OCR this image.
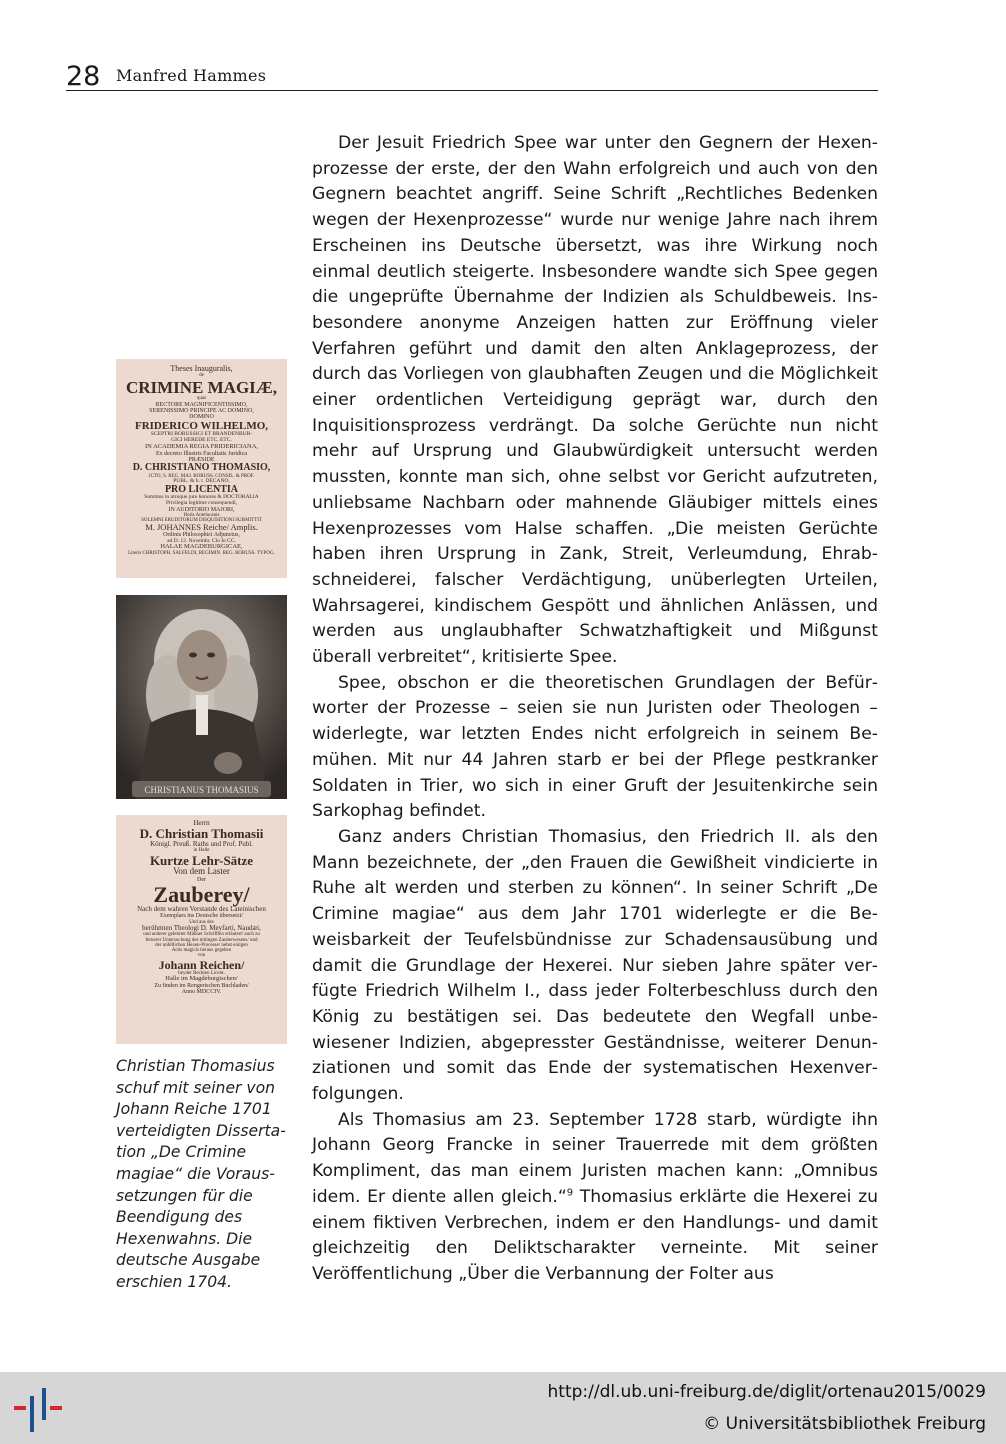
28 Manfred Hammes
Theses Inauguralis,
de
CRIMINE MAGIÆ,
quas
RECTORE MAGNIFICENTISSIMO,
SERENISSIMO PRINCIPE AC DOMINO,
DOMINO
FRIDERICO WILHELMO,
SCEPTRI BORUSSICI ET BRANDENBUR-
GICI HEREDE ETC. ETC.
IN ACADEMIA REGIA FRIDERICIANA,
Ex decreto Illustris Facultatis Juridica
PRÆSIDE
D. CHRISTIANO THOMASIO,
JCTO, S. REG. MAJ. BORUSS. CONSIL. & PROF.
PUBL. & h. t. DECANO,
PRO LICENTIA
Summos in utroque jure honores & DOCTORALIA
Privilegia legitime consequendi,
IN AUDITORIO MAJORI,
Horis Antelucanis
SOLEMNI ERUDITORUM DISQUISITIONI SUBMITTIT
M. JOHANNES Reiche/ Amplis.
Ordinis Philosophici Adjunctus,
ad D. 12. Novembr. Clo Io CC.
HALAE MAGDEBURGICAE,
Literis CHRISTOPH. SALFELDI, REGIMIN. REG. BORUSS. TYPOG.
CHRISTIANUS THOMASIUS
Herrn
D. Christian Thomasii
Königl. Preuß. Raths und Prof. Publ.
in Halle
Kurtze Lehr-Sätze
Von dem Laster
Der
Zauberey/
Nach dem wahren Verstande des Lateinischen
Exemplars ins Deutsche übersetzt/
Und aus des
berühmten Theologi D. Meyfarti, Naudæi,
und anderer gelehrter Männer Schrifften erläutert/ auch zu
fernerer Untersuchung des mitingen Zauberwesens/ und
der unbillichen Hexen-Processe/ nebst einigen
Actis magicis heraus gegeben
von
Johann Reichen/
beyder Rechten Licent.
Halle im Magdeburgischen/
Zu finden im Rengerischen Buchladen/
Anno MDCCIV.
Christian Thomasius schuf mit seiner von Johann Reiche 1701 verteidigten Dissertation „De Crimine magiae“ die Voraussetzungen für die Beendigung des Hexenwahns. Die deutsche Ausgabe erschien 1704.

Der Jesuit Friedrich Spee war unter den Gegnern der Hexenprozesse der erste, der den Wahn erfolgreich und auch von den Gegnern beachtet angriff. Seine Schrift „Rechtliches Bedenken wegen der Hexenprozesse“ wurde nur wenige Jahre nach ihrem Erscheinen ins Deutsche übersetzt, was ihre Wirkung noch einmal deutlich steigerte. Insbesondere wandte sich Spee gegen die ungeprüfte Übernahme der Indizien als Schuldbeweis. Insbesondere anonyme Anzeigen hatten zur Eröffnung vieler Verfahren geführt und damit den alten Anklageprozess, der durch das Vorliegen von glaubhaften Zeugen und die Möglichkeit einer ordentlichen Verteidigung geprägt war, durch den Inquisitionsprozess verdrängt. Da solche Gerüchte nun nicht mehr auf Ursprung und Glaubwürdigkeit untersucht werden mussten, konnte man sich, ohne selbst vor Gericht aufzutreten, unliebsame Nachbarn oder mahnende Gläubiger mittels eines Hexenprozesses vom Halse schaffen. „Die meisten Gerüchte haben ihren Ursprung in Zank, Streit, Verleumdung, Ehrabschneiderei, falscher Verdächtigung, unüberlegten Urteilen, Wahrsagerei, kindischem Gespött und ähnlichen Anlässen, und werden aus unglaubhafter Schwatzhaftigkeit und Mißgunst überall verbreitet“, kritisierte Spee.

Spee, obschon er die theoretischen Grundlagen der Befürworter der Prozesse – seien sie nun Juristen oder Theologen – widerlegte, war letzten Endes nicht erfolgreich in seinem Bemühen. Mit nur 44 Jahren starb er bei der Pflege pestkranker Soldaten in Trier, wo sich in einer Gruft der Jesuitenkirche sein Sarkophag befindet.

Ganz anders Christian Thomasius, den Friedrich II. als den Mann bezeichnete, der „den Frauen die Gewißheit vindicierte in Ruhe alt werden und sterben zu können“. In seiner Schrift „De Crimine magiae“ aus dem Jahr 1701 widerlegte er die Beweisbarkeit der Teufelsbündnisse zur Schadensausübung und damit die Grundlage der Hexerei. Nur sieben Jahre später verfügte Friedrich Wilhelm I., dass jeder Folterbeschluss durch den König zu bestätigen sei. Das bedeutete den Wegfall unbewiesener Indizien, abgepresster Geständnisse, weiterer Denunziationen und somit das Ende der systematischen Hexenverfolgungen.

Als Thomasius am 23. September 1728 starb, würdigte ihn Johann Georg Francke in seiner Trauerrede mit dem größten Kompliment, das man einem Juristen machen kann: „Omnibus idem. Er diente allen gleich.“$^9$ Thomasius erklärte die Hexerei zu einem fiktiven Verbrechen, indem er den Handlungs- und damit gleichzeitig den Deliktscharakter verneinte. Mit seiner Veröffentlichung „Über die Verbannung der Folter aus

http://dl.ub.uni-freiburg.de/diglit/ortenau2015/0029
© Universitätsbibliothek Freiburg
